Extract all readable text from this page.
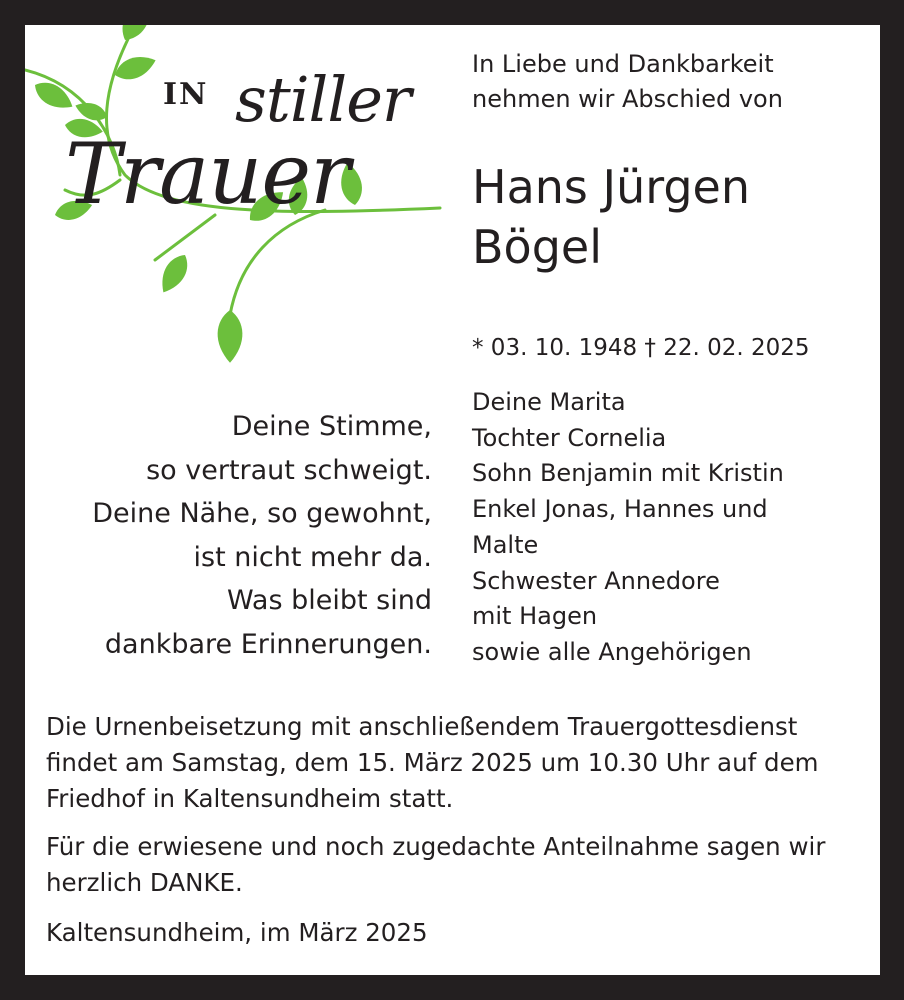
IN stiller
Trauer
In Liebe und Dankbarkeit
nehmen wir Abschied von
Hans Jürgen
Bögel
* 03. 10. 1948 † 22. 02. 2025
Deine Stimme,
so vertraut schweigt.
Deine Nähe, so gewohnt,
ist nicht mehr da.
Was bleibt sind
dankbare Erinnerungen.
Deine Marita
Tochter Cornelia
Sohn Benjamin mit Kristin
Enkel Jonas, Hannes und
Malte
Schwester Annedore
mit Hagen
sowie alle Angehörigen
Die Urnenbeisetzung mit anschließendem Trauergottesdienst
findet am Samstag, dem 15. März 2025 um 10.30 Uhr auf dem
Friedhof in Kaltensundheim statt.
Für die erwiesene und noch zugedachte Anteilnahme sagen wir
herzlich DANKE.
Kaltensundheim, im März 2025
